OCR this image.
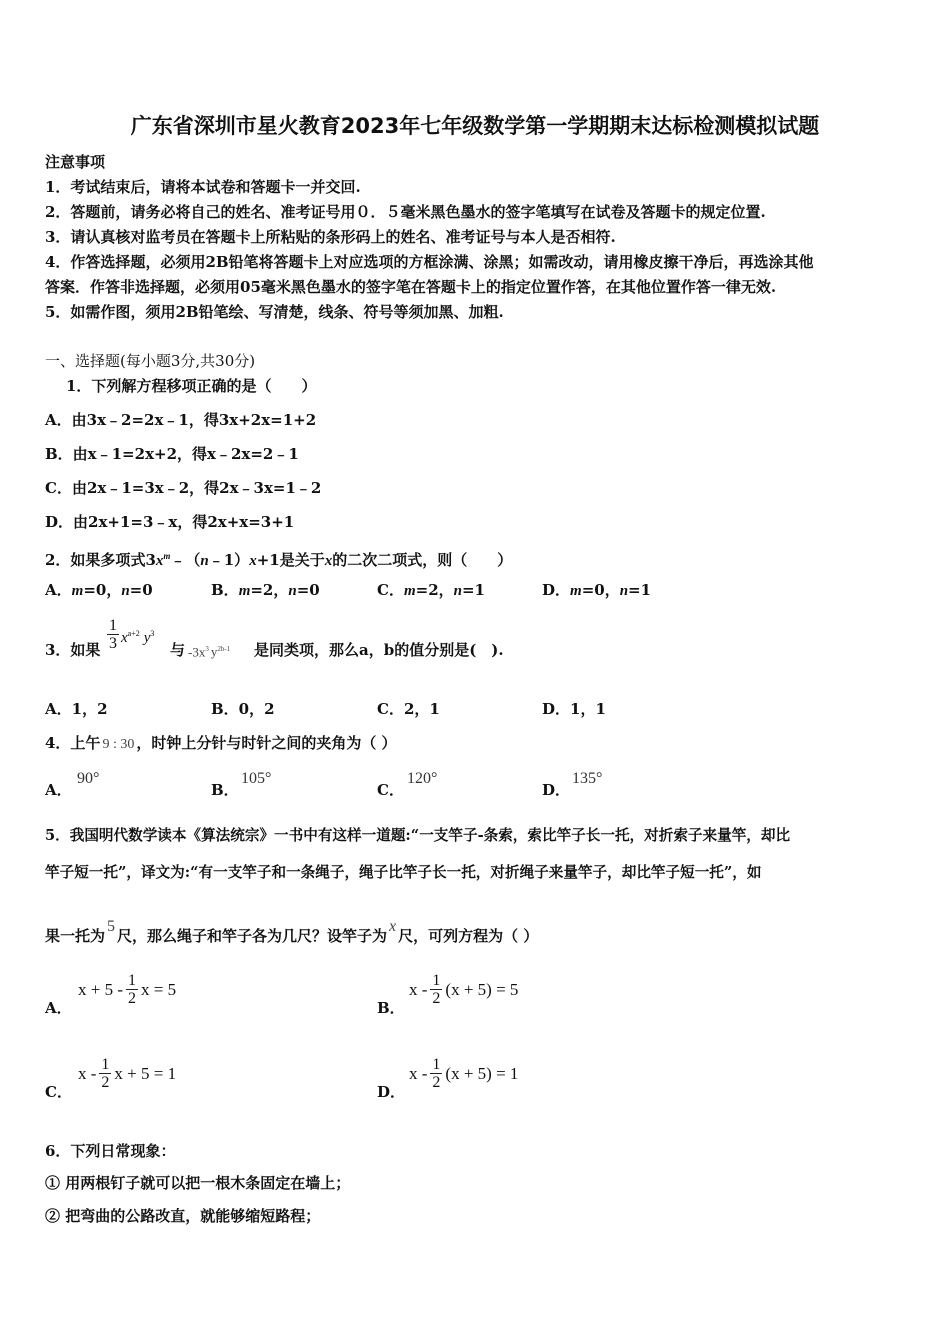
广东省深圳市星火教育2023年七年级数学第一学期期末达标检测模拟试题
注意事项
1．考试结束后，请将本试卷和答题卡一并交回.
2．答题前，请务必将自己的姓名、准考证号用０．５毫米黑色墨水的签字笔填写在试卷及答题卡的规定位置.
3．请认真核对监考员在答题卡上所粘贴的条形码上的姓名、准考证号与本人是否相符.
4．作答选择题，必须用2B铅笔将答题卡上对应选项的方框涂满、涂黑；如需改动，请用橡皮擦干净后，再选涂其他
答案．作答非选择题，必须用05毫米黑色墨水的签字笔在答题卡上的指定位置作答，在其他位置作答一律无效.
5．如需作图，须用2B铅笔绘、写清楚，线条、符号等须加黑、加粗.
一、选择题(每小题3分,共30分)
1．下列解方程移项正确的是（　　）
A．由3x﹣2=2x﹣1，得3x+2x=1+2
B．由x﹣1=2x+2，得x﹣2x=2﹣1
C．由2x﹣1=3x﹣2，得2x﹣3x=1﹣2
D．由2x+1=3﹣x，得2x+x=3+1
2．如果多项式$3x^m﹣(n﹣1)x+1$是关于x的二次二项式，则（　　）
A．m=0，n=0	B．m=2，n=0	C．m=2，n=1	D．m=0，n=1
3．如果 $\frac{1}{3} x^{a+2}$ $y^3$
与 $-3x^3$ $y^{2b-1}$ 是同类项，那么a，b的值分别是(　).
A．1，2	B．0，2	C．2，1	D．1，1
4．上午 9 : 30 ，时钟上分针与时针之间的夹角为（ ）
A．
90°
B．
105°
C．
120°
D．
135°
5．我国明代数学读本《算法统宗》一书中有这样一道题:“一支竿子-条索，索比竿子长一托，对折索子来量竿，却比
竿子短一托”，译文为:“有一支竿子和一条绳子，绳子比竿子长一托，对折绳子来量竿子，却比竿子短一托”，如
果一托为5尺，那么绳子和竿子各为几尺？设竿子为x尺，可列方程为（ ）
A．
$x + 5 - \frac{1}{2}$ x = 5
B．
$x - \frac{1}{2} (x + 5) = 5$
C．
x - $\frac{1}{2}$ x + 5 = 1
D．
$x - \frac{1}{2} (x + 5) = 1$
6．下列日常现象：
① 用两根钉子就可以把一根木条固定在墙上；
② 把弯曲的公路改直，就能够缩短路程；
